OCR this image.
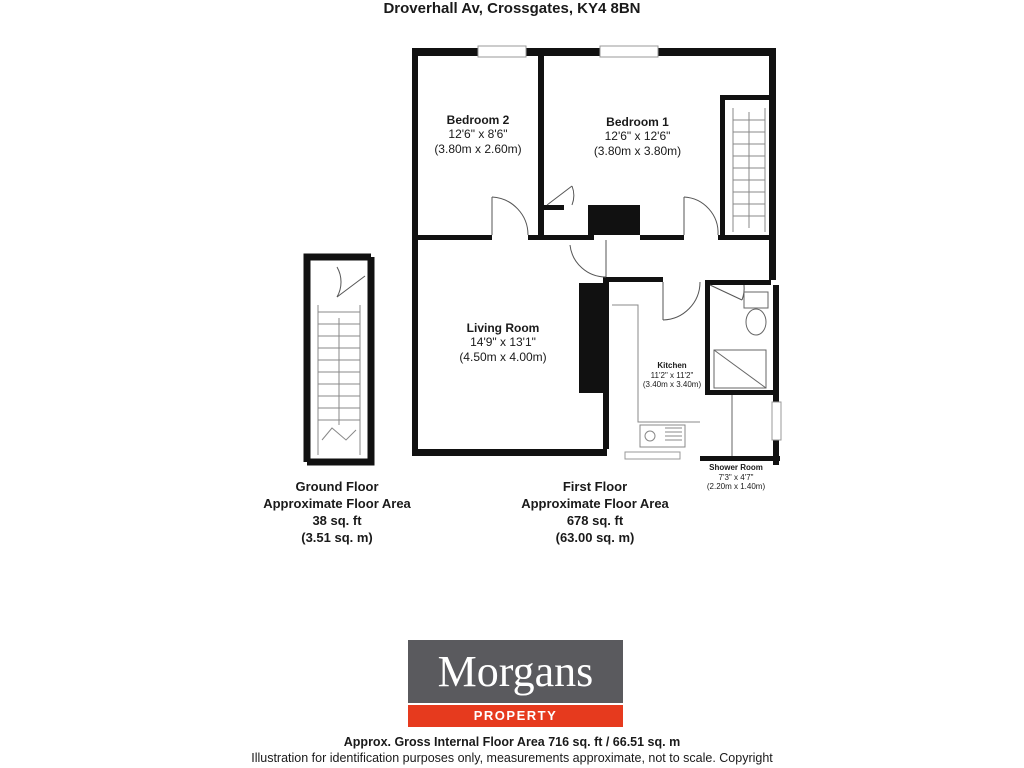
Droverhall Av, Crossgates, KY4 8BN
Bedroom 2
12'6" x 8'6"
(3.80m x 2.60m)
Bedroom 1
12'6" x 12'6"
(3.80m x 3.80m)
Living Room
14'9" x 13'1"
(4.50m x 4.00m)
Kitchen
11'2" x 11'2"
(3.40m x 3.40m)
Shower Room
7'3" x 4'7"
(2.20m x 1.40m)
Ground Floor
Approximate Floor Area
38 sq. ft
(3.51 sq. m)
First Floor
Approximate Floor Area
678 sq. ft
(63.00 sq. m)
Morgans
PROPERTY
Approx. Gross Internal Floor Area 716 sq. ft / 66.51 sq. m
Illustration for identification purposes only, measurements approximate, not to scale. Copyright
